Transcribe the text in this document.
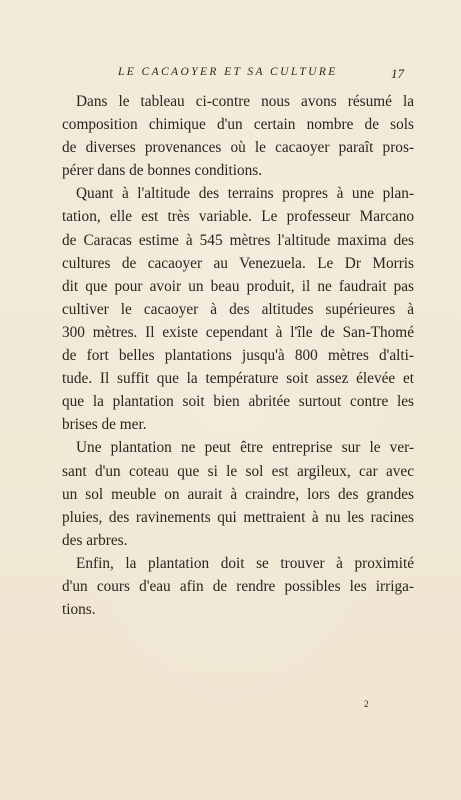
LE CACAOYER ET SA CULTURE	17
Dans le tableau ci-contre nous avons résumé la
composition chimique d'un certain nombre de sols
de diverses provenances où le cacaoyer paraît pros-
pérer dans de bonnes conditions.
Quant à l'altitude des terrains propres à une plan-
tation, elle est très variable. Le professeur Marcano
de Caracas estime à 545 mètres l'altitude maxima des
cultures de cacaoyer au Venezuela. Le Dr Morris
dit que pour avoir un beau produit, il ne faudrait pas
cultiver le cacaoyer à des altitudes supérieures à
300 mètres. Il existe cependant à l'île de San-Thomé
de fort belles plantations jusqu'à 800 mètres d'alti-
tude. Il suffit que la température soit assez élevée et
que la plantation soit bien abritée surtout contre les
brises de mer.
Une plantation ne peut être entreprise sur le ver-
sant d'un coteau que si le sol est argileux, car avec
un sol meuble on aurait à craindre, lors des grandes
pluies, des ravinements qui mettraient à nu les racines
des arbres.
Enfin, la plantation doit se trouver à proximité
d'un cours d'eau afin de rendre possibles les irriga-
tions.
2
